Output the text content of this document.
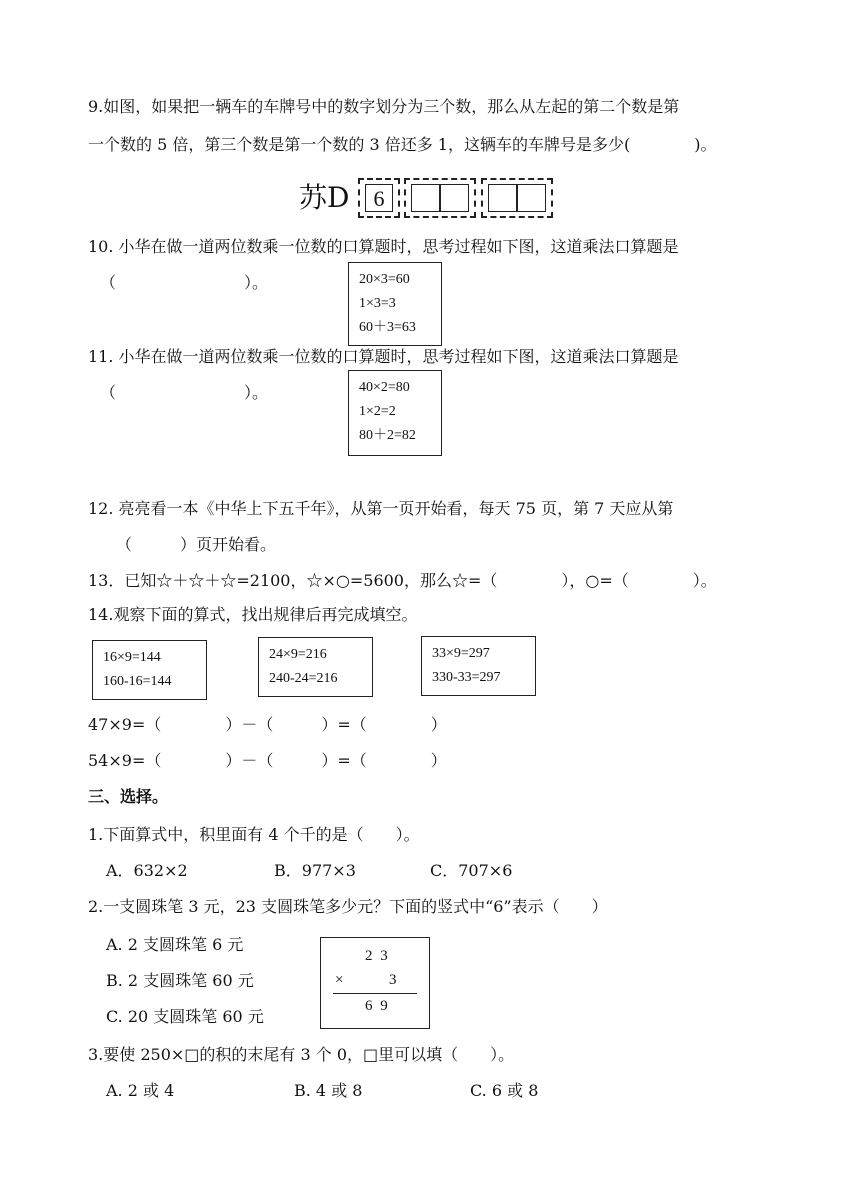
9.如图，如果把一辆车的车牌号中的数字划分为三个数，那么从左起的第二个数是第
一个数的 5 倍，第三个数是第一个数的 3 倍还多 1，这辆车的车牌号是多少(　　　　)。
苏D	6
10. 小华在做一道两位数乘一位数的口算题时，思考过程如下图，这道乘法口算题是
（　　　　　　　　）。	20×3=60
1×3=3
60＋3=63
11. 小华在做一道两位数乘一位数的口算题时，思考过程如下图，这道乘法口算题是
（　　　　　　　　）。	40×2=80
1×2=2
80＋2=82
12. 亮亮看一本《中华上下五千年》，从第一页开始看，每天 75 页，第 7 天应从第
（　　　）页开始看。
13．已知☆＋☆＋☆=2100，☆×○=5600，那么☆=（　　　　），○=（　　　　）。
14.观察下面的算式，找出规律后再完成填空。
16×9=144
160-16=144
24×9=216
240-24=216
33×9=297
330-33=297
47×9=（　　　　）－（　　　）=（　　　　）
54×9=（　　　　）－（　　　）=（　　　　）
三、选择。
1.下面算式中，积里面有 4 个千的是（　　）。
A．632×2	B．977×3	C．707×6
2.一支圆珠笔 3 元，23 支圆珠笔多少元？下面的竖式中“6”表示（　　）
A. 2 支圆珠笔 6 元
B. 2 支圆珠笔 60 元
C. 20 支圆珠笔 60 元
2 3
×	3
6 9
3.要使 250×□的积的末尾有 3 个 0，□里可以填（　　）。
A. 2 或 4	B. 4 或 8	C. 6 或 8
